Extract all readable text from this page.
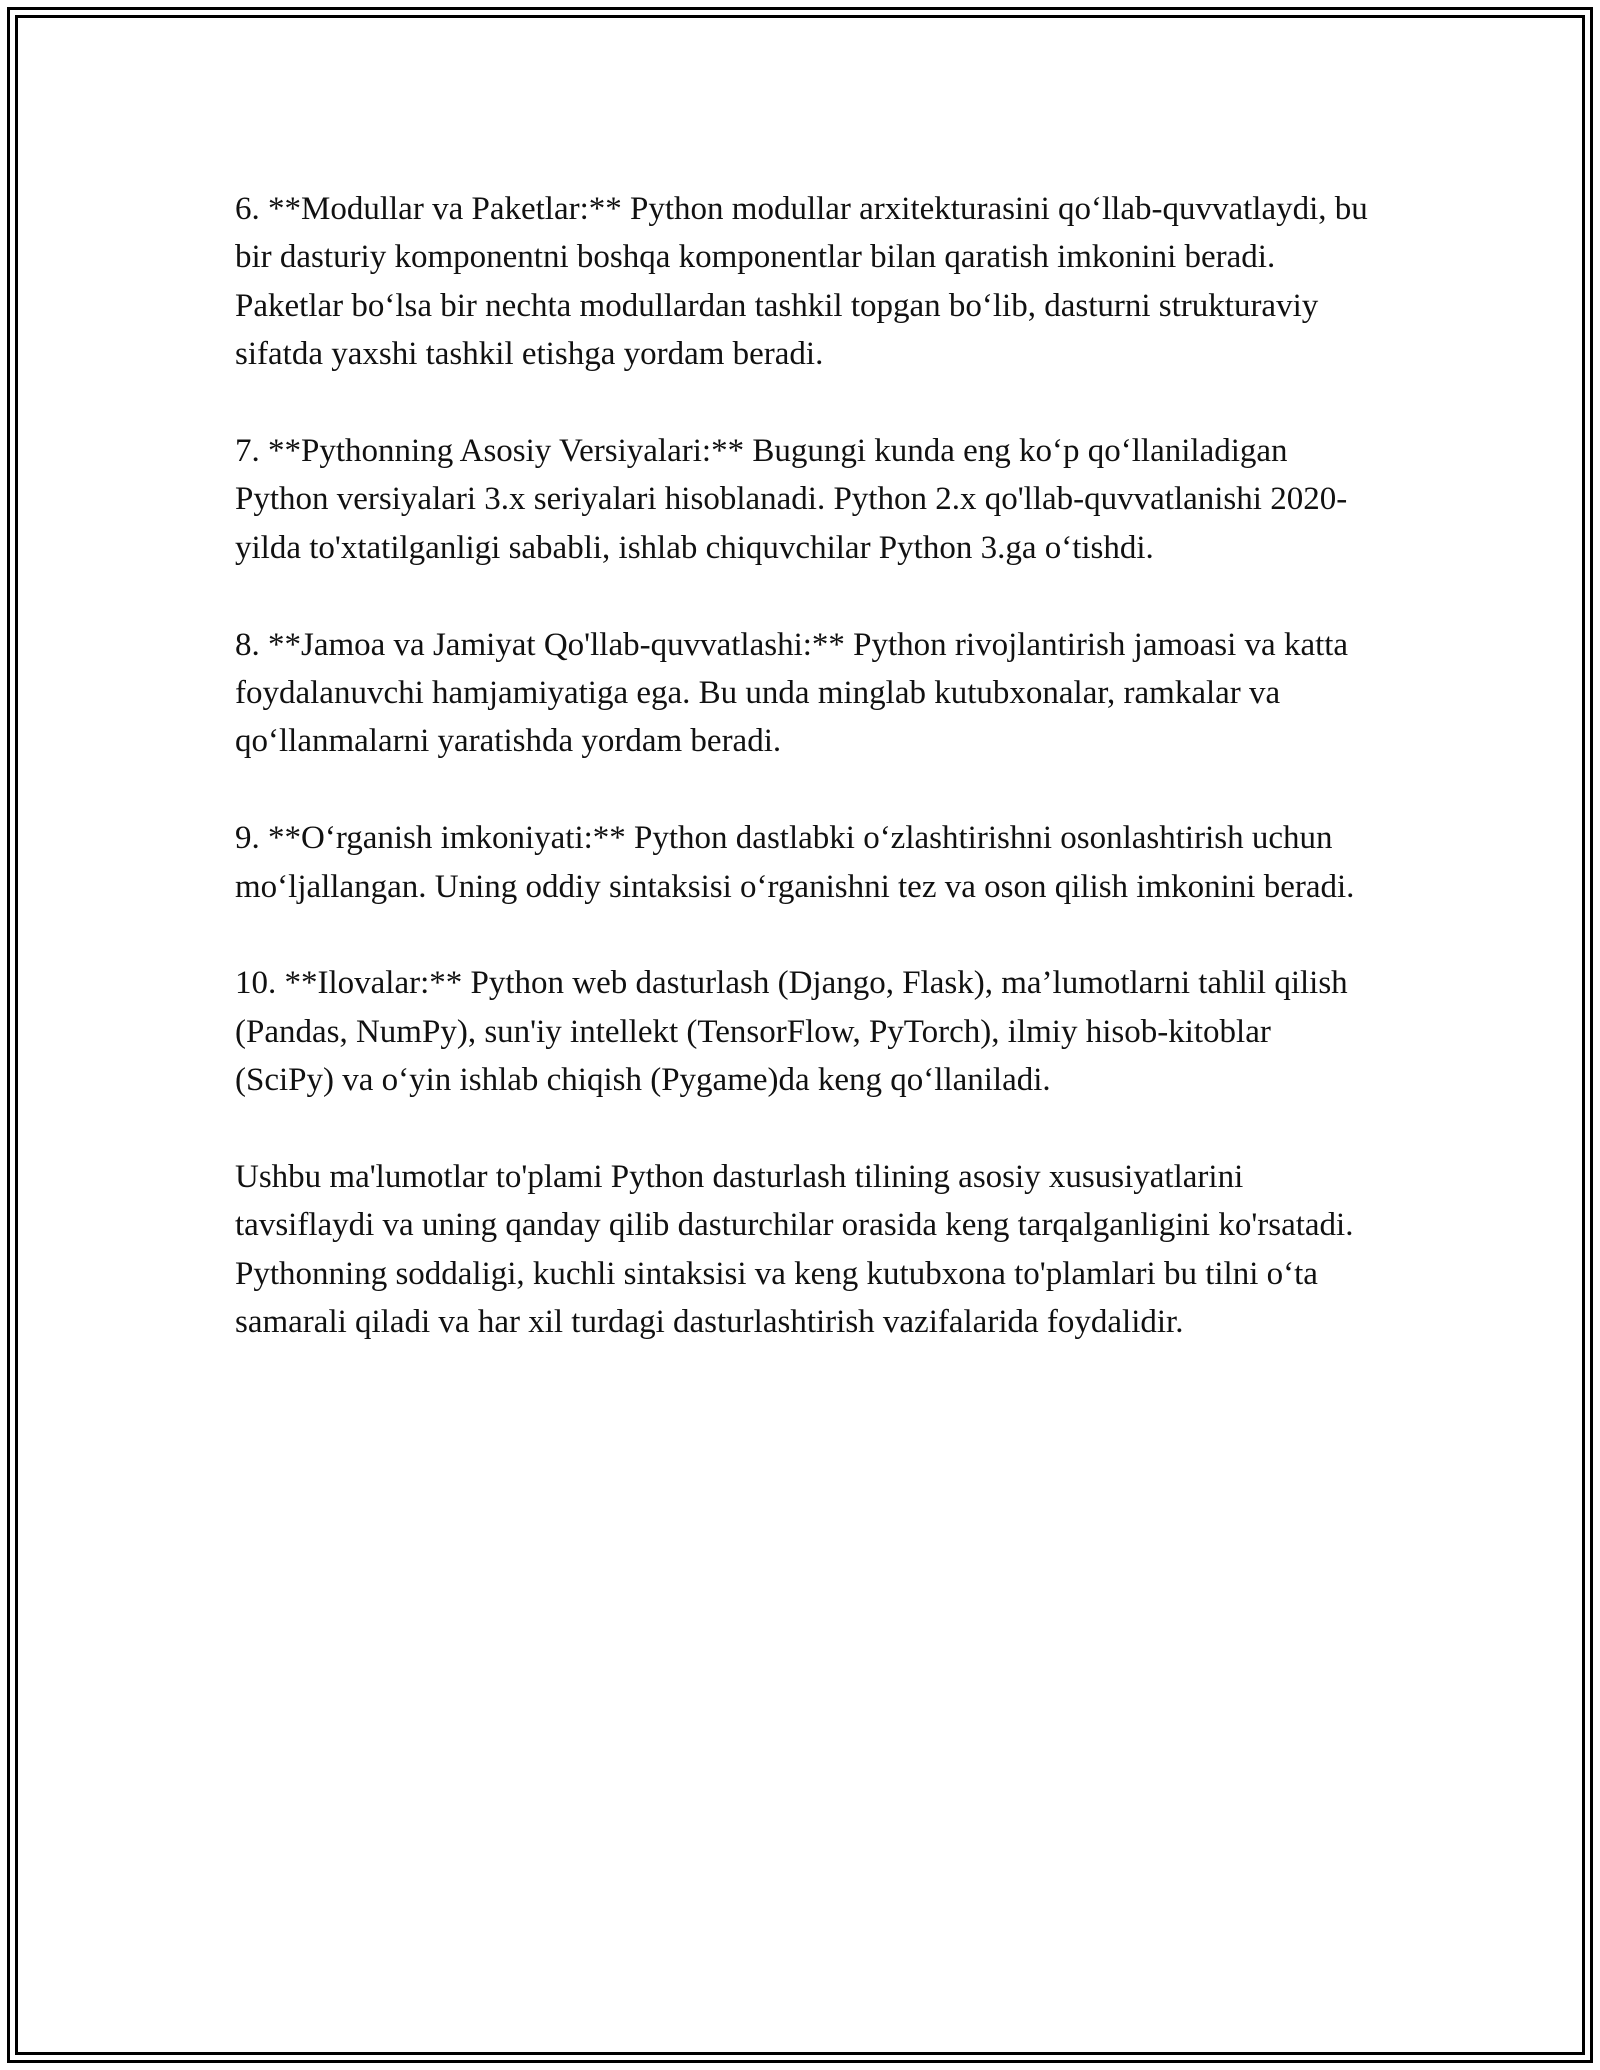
6. **Modullar va Paketlar:** Python modullar arxitekturasini qo‘llab-quvvatlaydi, bu bir dasturiy komponentni boshqa komponentlar bilan qaratish imkonini beradi. Paketlar bo‘lsa bir nechta modullardan tashkil topgan bo‘lib, dasturni strukturaviy sifatda yaxshi tashkil etishga yordam beradi.

7. **Pythonning Asosiy Versiyalari:** Bugungi kunda eng ko‘p qo‘llaniladigan Python versiyalari 3.x seriyalari hisoblanadi. Python 2.x qo'llab-quvvatlanishi 2020-yilda to'xtatilganligi sababli, ishlab chiquvchilar Python 3.ga o‘tishdi.

8. **Jamoa va Jamiyat Qo'llab-quvvatlashi:** Python rivojlantirish jamoasi va katta foydalanuvchi hamjamiyatiga ega. Bu unda minglab kutubxonalar, ramkalar va qo‘llanmalarni yaratishda yordam beradi.

9. **O‘rganish imkoniyati:** Python dastlabki o‘zlashtirishni osonlashtirish uchun mo‘ljallangan. Uning oddiy sintaksisi o‘rganishni tez va oson qilish imkonini beradi.

10. **Ilovalar:** Python web dasturlash (Django, Flask), ma’lumotlarni tahlil qilish (Pandas, NumPy), sun'iy intellekt (TensorFlow, PyTorch), ilmiy hisob-kitoblar (SciPy) va o‘yin ishlab chiqish (Pygame)da keng qo‘llaniladi.

Ushbu ma'lumotlar to'plami Python dasturlash tilining asosiy xususiyatlarini tavsiflaydi va uning qanday qilib dasturchilar orasida keng tarqalganligini ko'rsatadi. Pythonning soddaligi, kuchli sintaksisi va keng kutubxona to'plamlari bu tilni o‘ta samarali qiladi va har xil turdagi dasturlashtirish vazifalarida foydalidir.
